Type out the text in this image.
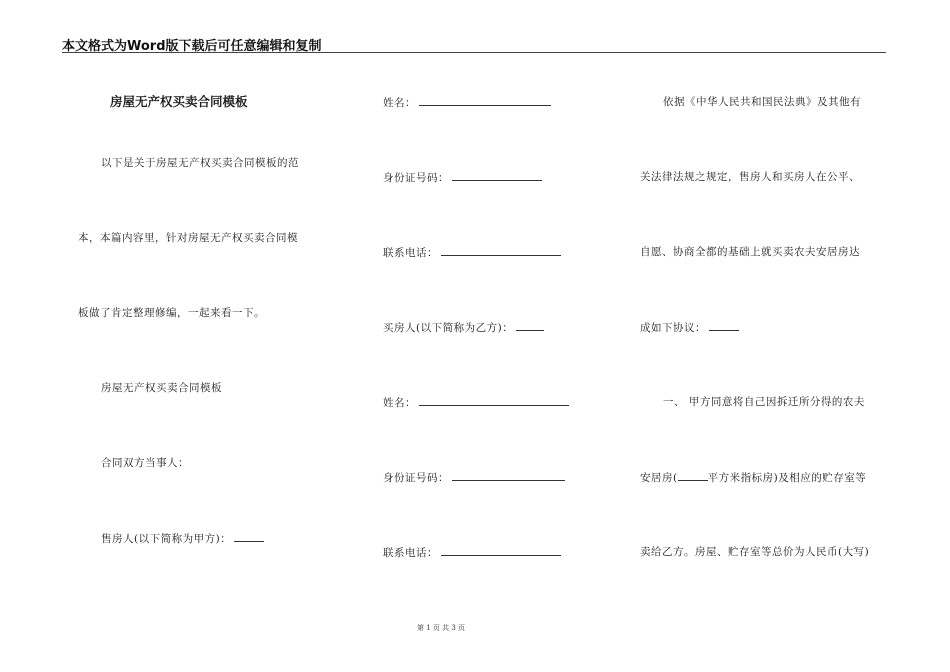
本文格式为Word版下载后可任意编辑和复制
房屋无产权买卖合同模板
以下是关于房屋无产权买卖合同模板的范
本，本篇内容里，针对房屋无产权买卖合同模
板做了肯定整理修编，一起来看一下。
房屋无产权买卖合同模板
合同双方当事人：
售房人(以下简称为甲方)：
姓名：
身份证号码：
联系电话：
买房人(以下简称为乙方)：
姓名：
身份证号码：
联系电话：
依据《中华人民共和国民法典》及其他有
关法律法规之规定，售房人和买房人在公平、
自愿、协商全都的基础上就买卖农夫安居房达
成如下协议：
一、 甲方同意将自己因拆迁所分得的农夫
安居房(	平方米指标房)及相应的贮存室等
卖给乙方。房屋、贮存室等总价为人民币(大写)
第 1 页 共 3 页
